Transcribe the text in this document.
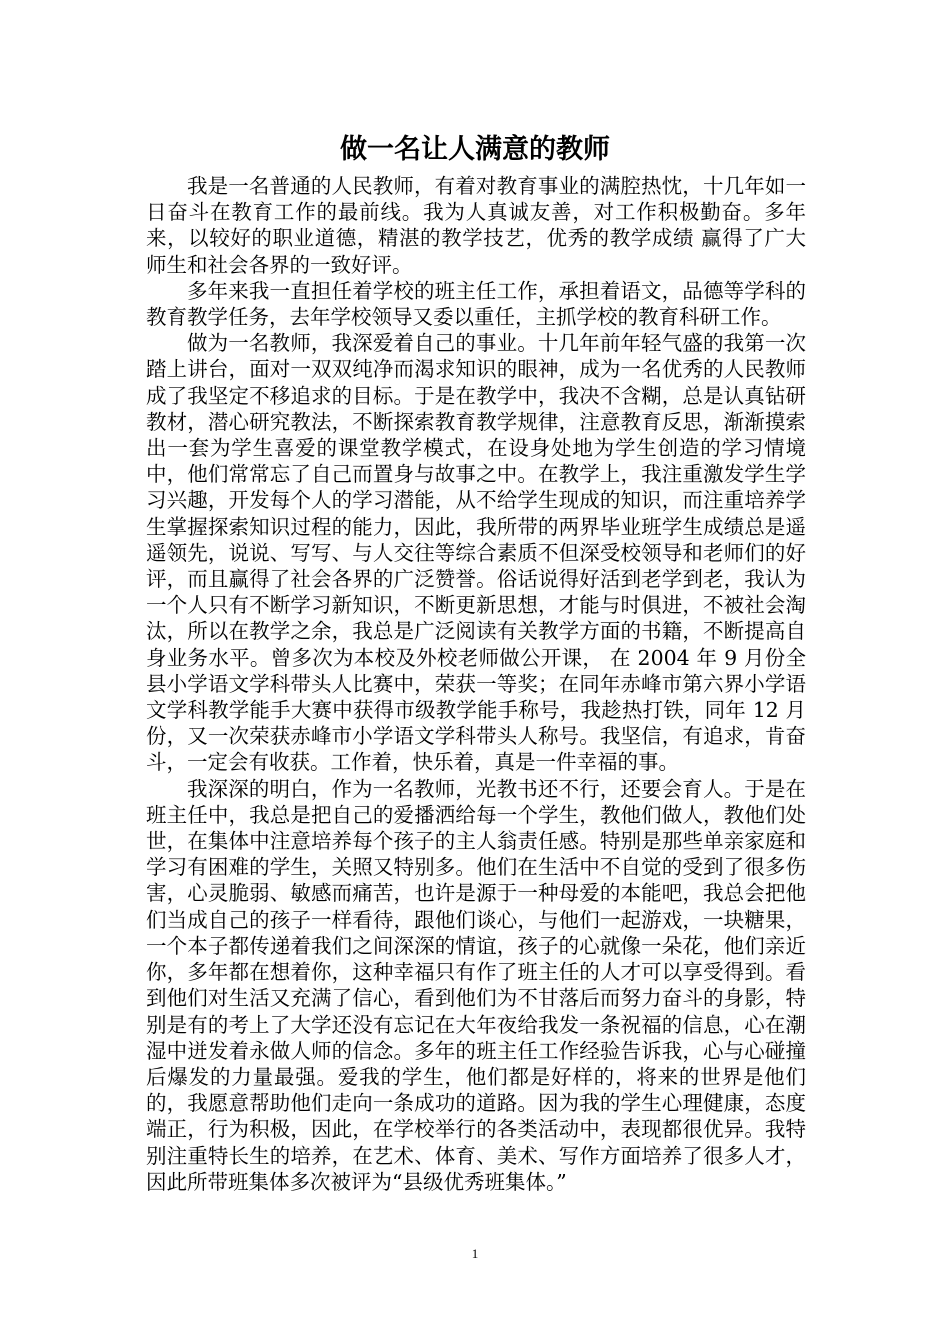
做一名让人满意的教师

我是一名普通的人民教师，有着对教育事业的满腔热忱，十几年如一日奋斗在教育工作的最前线。我为人真诚友善，对工作积极勤奋。多年来，以较好的职业道德，精湛的教学技艺，优秀的教学成绩 赢得了广大师生和社会各界的一致好评。

多年来我一直担任着学校的班主任工作，承担着语文，品德等学科的教育教学任务，去年学校领导又委以重任，主抓学校的教育科研工作。

做为一名教师，我深爱着自己的事业。十几年前年轻气盛的我第一次踏上讲台，面对一双双纯净而渴求知识的眼神，成为一名优秀的人民教师成了我坚定不移追求的目标。于是在教学中，我决不含糊，总是认真钻研教材，潜心研究教法，不断探索教育教学规律，注意教育反思，渐渐摸索出一套为学生喜爱的课堂教学模式，在设身处地为学生创造的学习情境中，他们常常忘了自己而置身与故事之中。在教学上，我注重激发学生学习兴趣，开发每个人的学习潜能，从不给学生现成的知识，而注重培养学生掌握探索知识过程的能力，因此，我所带的两界毕业班学生成绩总是遥遥领先，说说、写写、与人交往等综合素质不但深受校领导和老师们的好评，而且赢得了社会各界的广泛赞誉。俗话说得好活到老学到老，我认为一个人只有不断学习新知识，不断更新思想，才能与时俱进，不被社会淘汰，所以在教学之余，我总是广泛阅读有关教学方面的书籍，不断提高自身业务水平。曾多次为本校及外校老师做公开课， 在 2004 年 9 月份全县小学语文学科带头人比赛中，荣获一等奖；在同年赤峰市第六界小学语文学科教学能手大赛中获得市级教学能手称号，我趁热打铁，同年 12 月份，又一次荣获赤峰市小学语文学科带头人称号。我坚信，有追求，肯奋斗，一定会有收获。工作着，快乐着，真是一件幸福的事。

我深深的明白，作为一名教师，光教书还不行，还要会育人。于是在班主任中，我总是把自己的爱播洒给每一个学生，教他们做人，教他们处世，在集体中注意培养每个孩子的主人翁责任感。特别是那些单亲家庭和学习有困难的学生，关照又特别多。他们在生活中不自觉的受到了很多伤害，心灵脆弱、敏感而痛苦，也许是源于一种母爱的本能吧，我总会把他们当成自己的孩子一样看待，跟他们谈心，与他们一起游戏，一块糖果，一个本子都传递着我们之间深深的情谊，孩子的心就像一朵花，他们亲近你，多年都在想着你，这种幸福只有作了班主任的人才可以享受得到。看到他们对生活又充满了信心，看到他们为不甘落后而努力奋斗的身影，特别是有的考上了大学还没有忘记在大年夜给我发一条祝福的信息，心在潮湿中迸发着永做人师的信念。多年的班主任工作经验告诉我，心与心碰撞后爆发的力量最强。爱我的学生，他们都是好样的，将来的世界是他们的，我愿意帮助他们走向一条成功的道路。因为我的学生心理健康，态度端正，行为积极，因此，在学校举行的各类活动中，表现都很优异。我特别注重特长生的培养，在艺术、体育、美术、写作方面培养了很多人才，因此所带班集体多次被评为“县级优秀班集体。”

1
